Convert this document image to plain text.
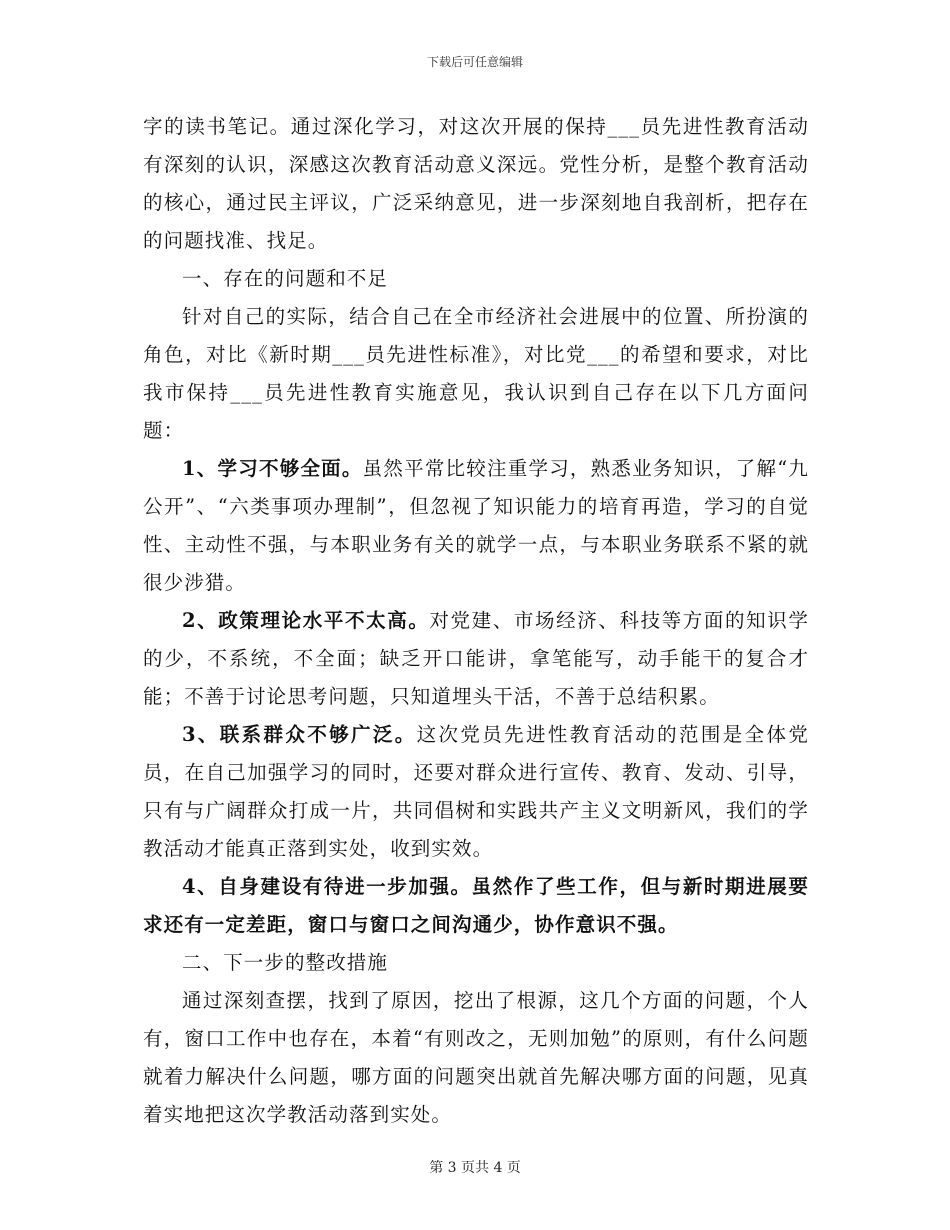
下载后可任意编辑

字的读书笔记。通过深化学习，对这次开展的保持___员先进性教育活动有深刻的认识，深感这次教育活动意义深远。党性分析，是整个教育活动的核心，通过民主评议，广泛采纳意见，进一步深刻地自我剖析，把存在的问题找准、找足。

一、存在的问题和不足

针对自己的实际，结合自己在全市经济社会进展中的位置、所扮演的角色，对比《新时期___员先进性标准》，对比党___的希望和要求，对比我市保持___员先进性教育实施意见，我认识到自己存在以下几方面问题：

1、学习不够全面。虽然平常比较注重学习，熟悉业务知识，了解“九公开”、“六类事项办理制”，但忽视了知识能力的培育再造，学习的自觉性、主动性不强，与本职业务有关的就学一点，与本职业务联系不紧的就很少涉猎。

2、政策理论水平不太高。对党建、市场经济、科技等方面的知识学的少，不系统，不全面；缺乏开口能讲，拿笔能写，动手能干的复合才能；不善于讨论思考问题，只知道埋头干活，不善于总结积累。

3、联系群众不够广泛。这次党员先进性教育活动的范围是全体党员，在自己加强学习的同时，还要对群众进行宣传、教育、发动、引导，只有与广阔群众打成一片，共同倡树和实践共产主义文明新风，我们的学教活动才能真正落到实处，收到实效。

4、自身建设有待进一步加强。虽然作了些工作，但与新时期进展要求还有一定差距，窗口与窗口之间沟通少，协作意识不强。

二、下一步的整改措施

通过深刻查摆，找到了原因，挖出了根源，这几个方面的问题，个人有，窗口工作中也存在，本着“有则改之，无则加勉”的原则，有什么问题就着力解决什么问题，哪方面的问题突出就首先解决哪方面的问题，见真着实地把这次学教活动落到实处。

第 3 页共 4 页
